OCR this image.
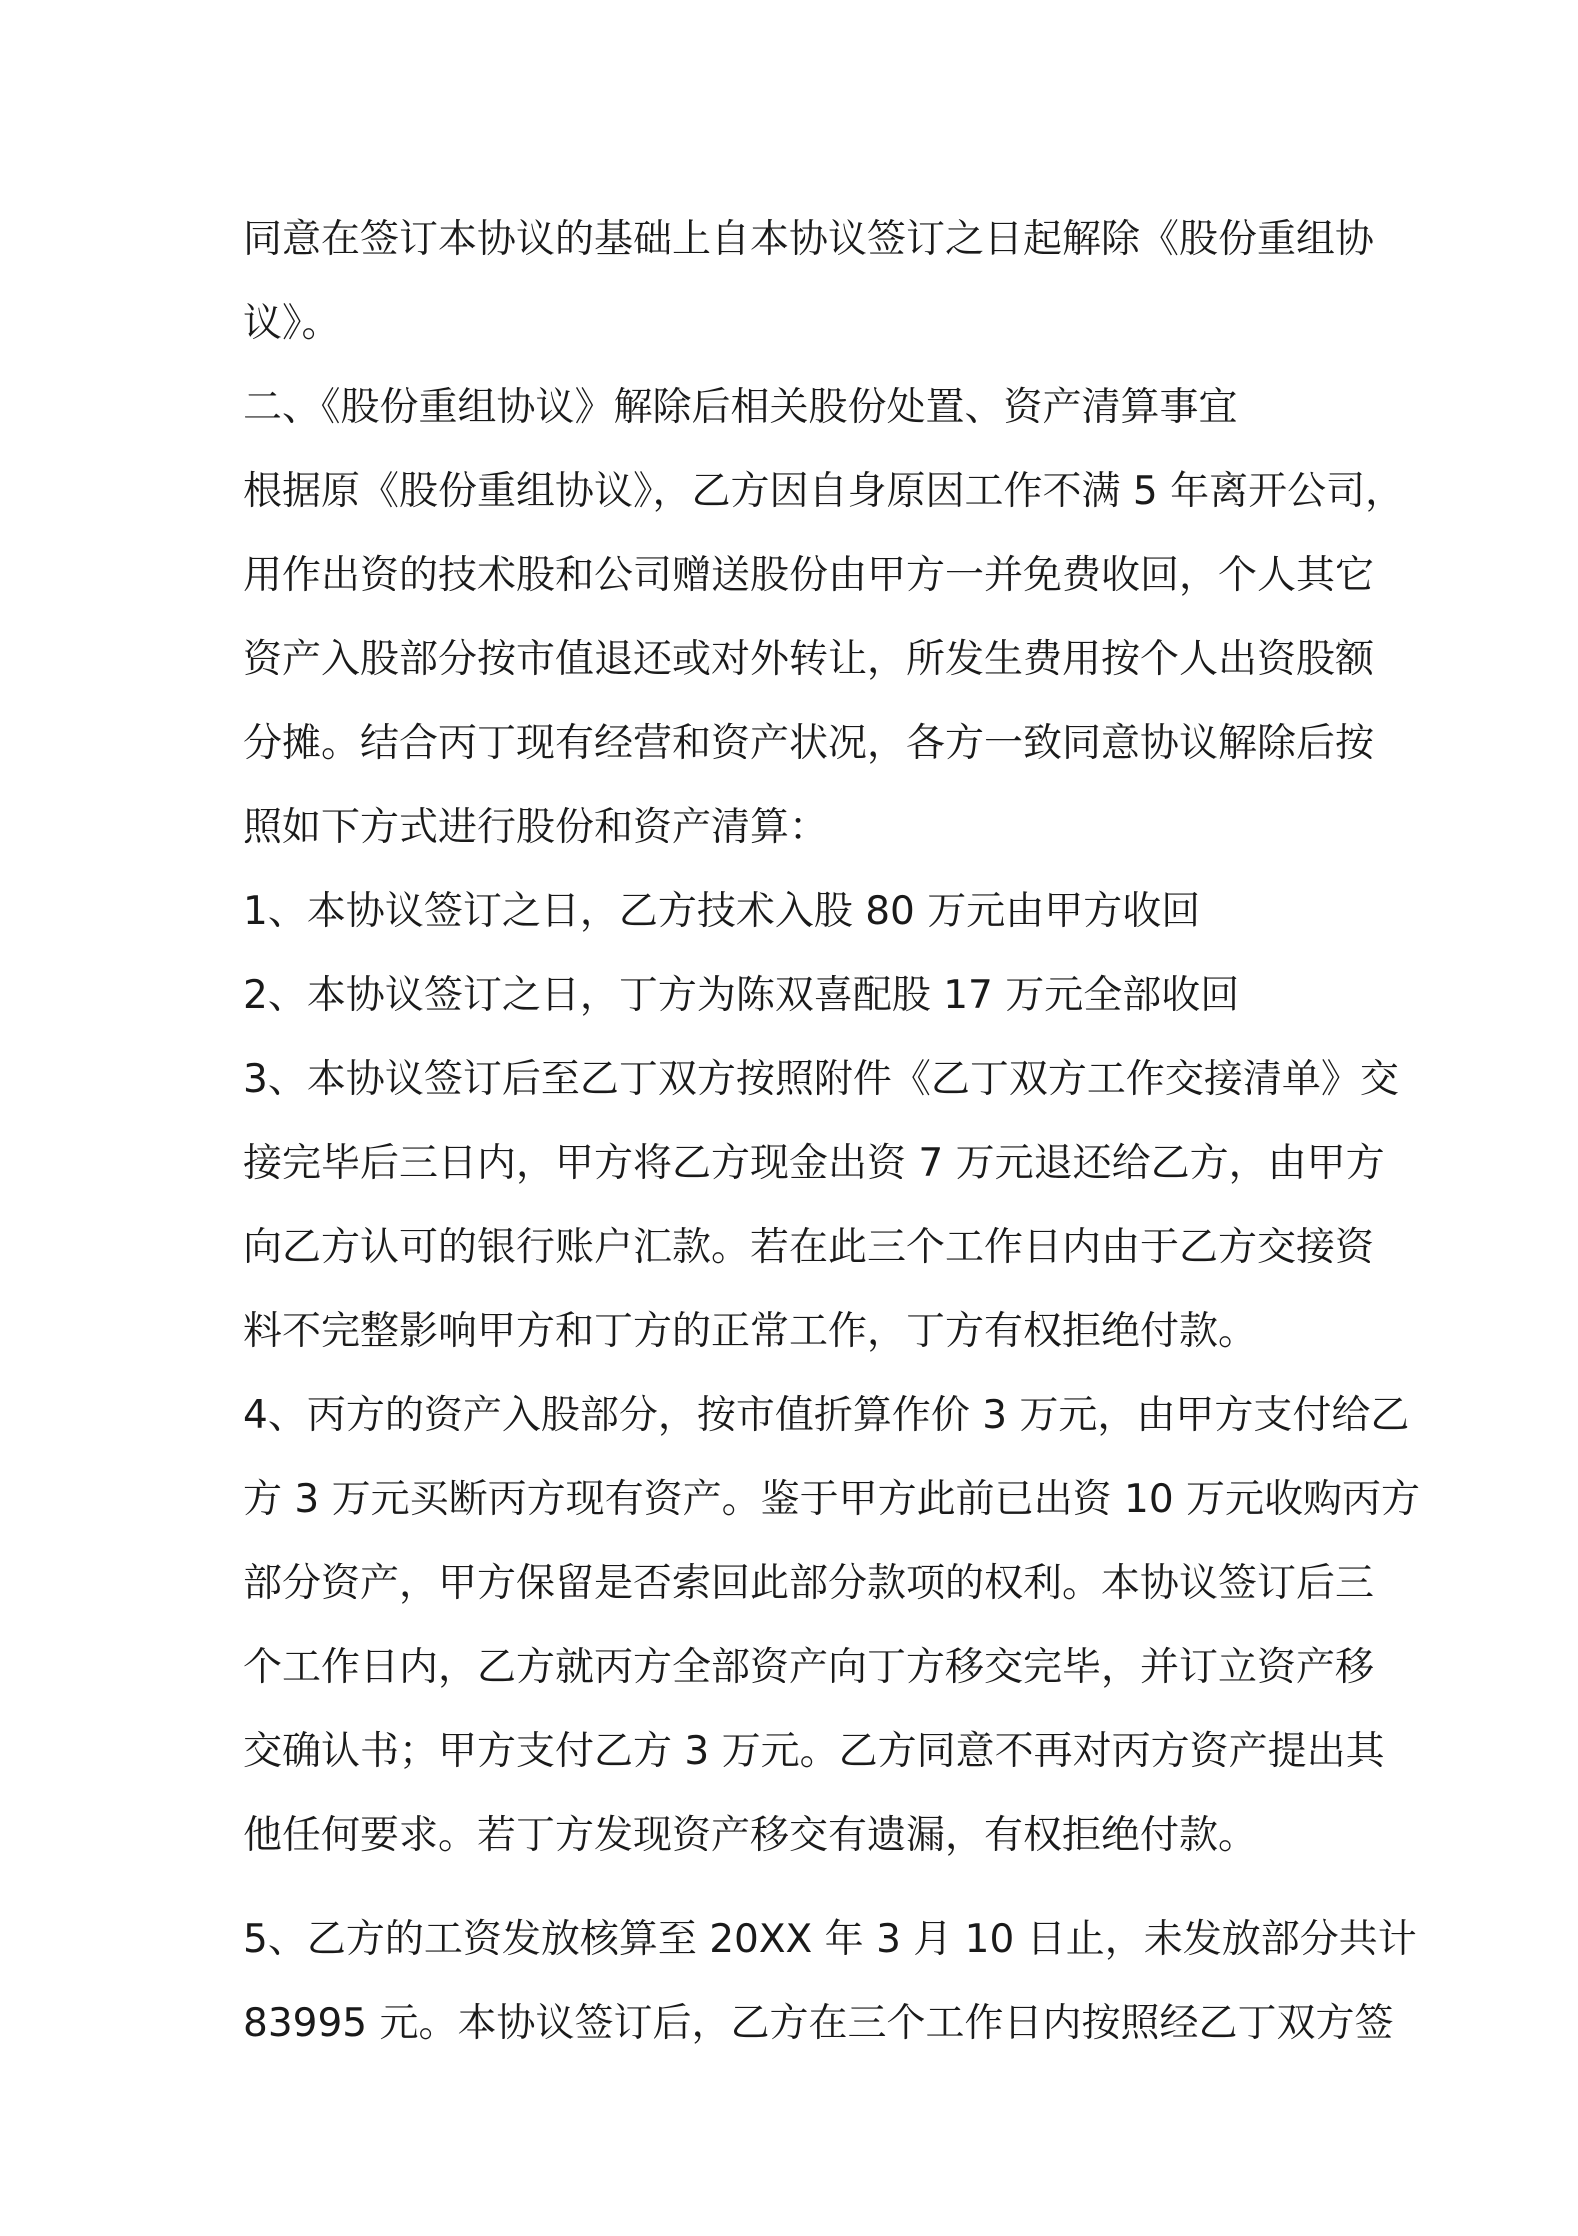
同意在签订本协议的基础上自本协议签订之日起解除《股份重组协
议》。
二、《股份重组协议》解除后相关股份处置、资产清算事宜
根据原《股份重组协议》，乙方因自身原因工作不满 5 年离开公司，
用作出资的技术股和公司赠送股份由甲方一并免费收回，个人其它
资产入股部分按市值退还或对外转让，所发生费用按个人出资股额
分摊。结合丙丁现有经营和资产状况，各方一致同意协议解除后按
照如下方式进行股份和资产清算：
1、本协议签订之日，乙方技术入股 80 万元由甲方收回
2、本协议签订之日，丁方为陈双喜配股 17 万元全部收回
3、本协议签订后至乙丁双方按照附件《乙丁双方工作交接清单》交
接完毕后三日内，甲方将乙方现金出资 7 万元退还给乙方，由甲方
向乙方认可的银行账户汇款。若在此三个工作日内由于乙方交接资
料不完整影响甲方和丁方的正常工作，丁方有权拒绝付款。
4、丙方的资产入股部分，按市值折算作价 3 万元，由甲方支付给乙
方 3 万元买断丙方现有资产。鉴于甲方此前已出资 10 万元收购丙方
部分资产，甲方保留是否索回此部分款项的权利。本协议签订后三
个工作日内，乙方就丙方全部资产向丁方移交完毕，并订立资产移
交确认书；甲方支付乙方 3 万元。乙方同意不再对丙方资产提出其
他任何要求。若丁方发现资产移交有遗漏，有权拒绝付款。
5、乙方的工资发放核算至 20XX 年 3 月 10 日止，未发放部分共计
83995 元。本协议签订后，乙方在三个工作日内按照经乙丁双方签
